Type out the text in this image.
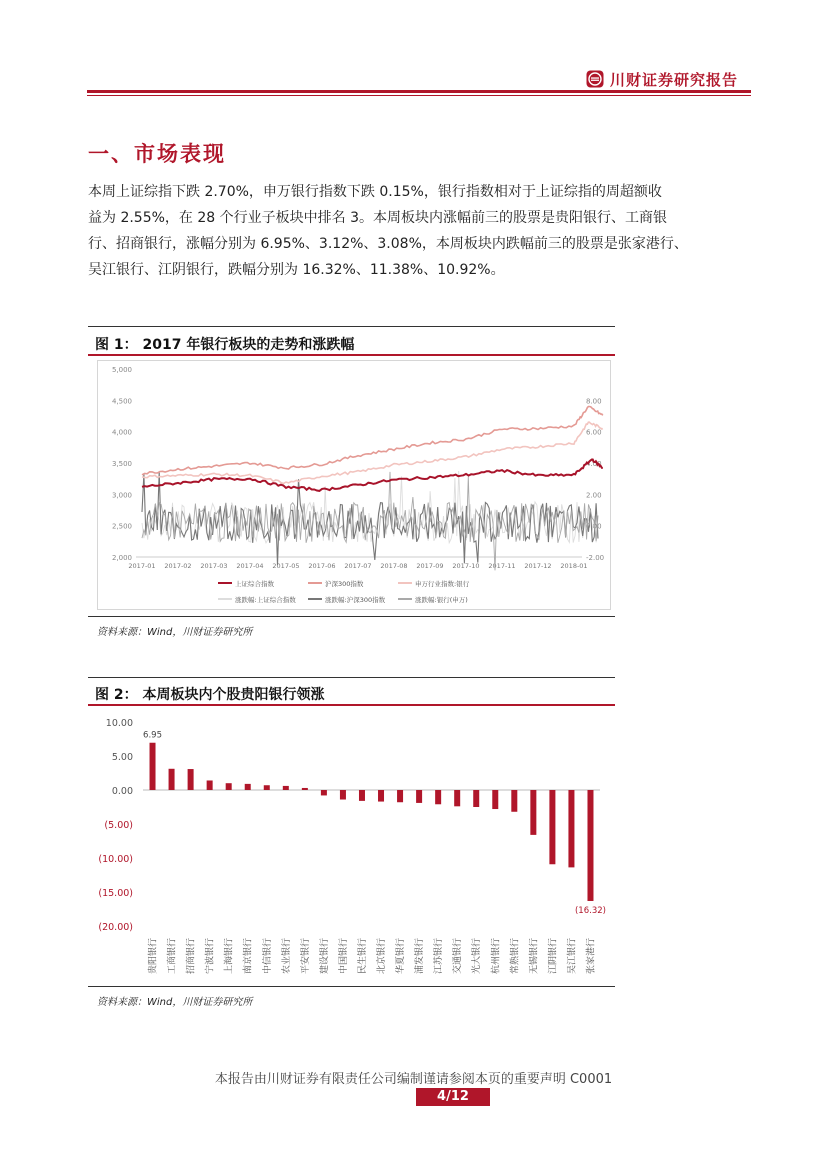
川财证券研究报告
一、市场表现
本周上证综指下跌 2.70%，申万银行指数下跌 0.15%，银行指数相对于上证综指的周超额收
益为 2.55%，在 28 个行业子板块中排名 3。本周板块内涨幅前三的股票是贵阳银行、工商银
行、招商银行，涨幅分别为 6.95%、3.12%、3.08%，本周板块内跌幅前三的股票是张家港行、
吴江银行、江阴银行，跌幅分别为 16.32%、11.38%、10.92%。
图 1： 2017 年银行板块的走势和涨跌幅
5,000
4,500
4,000
3,500
3,000
2,500
2,000
8.00
6.00
4.00
2.00
0.00
-2.00
2017-01 2017-02 2017-03 2017-04 2017-05 2017-06 2017-07 2017-08 2017-09 2017-10 2017-11 2017-12 2018-01
上证综合指数	沪深300指数	申万行业指数:银行
涨跌幅:上证综合指数	涨跌幅:沪深300指数	涨跌幅:银行(申万)
资料来源：Wind，川财证券研究所
图 2： 本周板块内个股贵阳银行领涨
10.00
5.00
0.00
(5.00)
(10.00)
(15.00)
(20.00)
贵阳银行
6.95
工商银行 招商银行 宁波银行 上海银行 南京银行 中信银行 农业银行 平安银行 建设银行 中国银行 民生银行 北京银行 华夏银行 浦发银行 江苏银行 交通银行 光大银行 杭州银行 常熟银行 无锡银行 江阴银行 吴江银行 张家港行
(16.32)
资料来源：Wind，川财证券研究所
本报告由川财证券有限责任公司编制谨请参阅本页的重要声明 C0001
4/12
